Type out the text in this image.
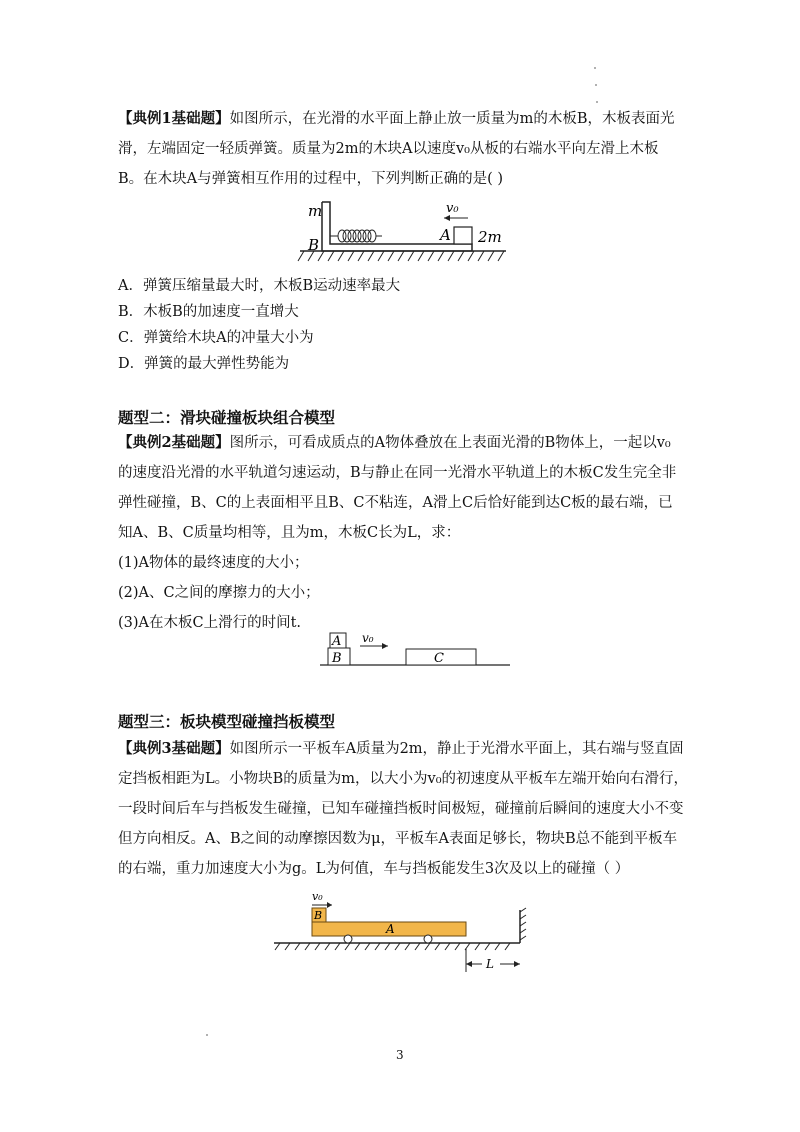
【典例1基础题】如图所示，在光滑的水平面上静止放一质量为m的木板B，木板表面光
滑，左端固定一轻质弹簧。质量为2m的木块A以速度v₀从板的右端水平向左滑上木板
B。在木块A与弹簧相互作用的过程中，下列判断正确的是( )
m
B
v₀
A 2m
A．弹簧压缩量最大时，木板B运动速率最大
B．木板B的加速度一直增大
C．弹簧给木块A的冲量大小为
D．弹簧的最大弹性势能为
题型二：滑块碰撞板块组合模型
【典例2基础题】图所示，可看成质点的A物体叠放在上表面光滑的B物体上，一起以v₀
的速度沿光滑的水平轨道匀速运动，B与静止在同一光滑水平轨道上的木板C发生完全非
弹性碰撞，B、C的上表面相平且B、C不粘连，A滑上C后恰好能到达C板的最右端，已
知A、B、C质量均相等，且为m，木板C长为L，求：
(1)A物体的最终速度的大小；
(2)A、C之间的摩擦力的大小；
(3)A在木板C上滑行的时间t.
A
B
v₀
C
题型三：板块模型碰撞挡板模型
【典例3基础题】如图所示一平板车A质量为2m，静止于光滑水平面上，其右端与竖直固
定挡板相距为L。小物块B的质量为m，以大小为v₀的初速度从平板车左端开始向右滑行，
一段时间后车与挡板发生碰撞，已知车碰撞挡板时间极短，碰撞前后瞬间的速度大小不变
但方向相反。A、B之间的动摩擦因数为μ，平板车A表面足够长，物块B总不能到平板车
的右端，重力加速度大小为g。L为何值，车与挡板能发生3次及以上的碰撞（ ）
v₀
B
A
L
3
